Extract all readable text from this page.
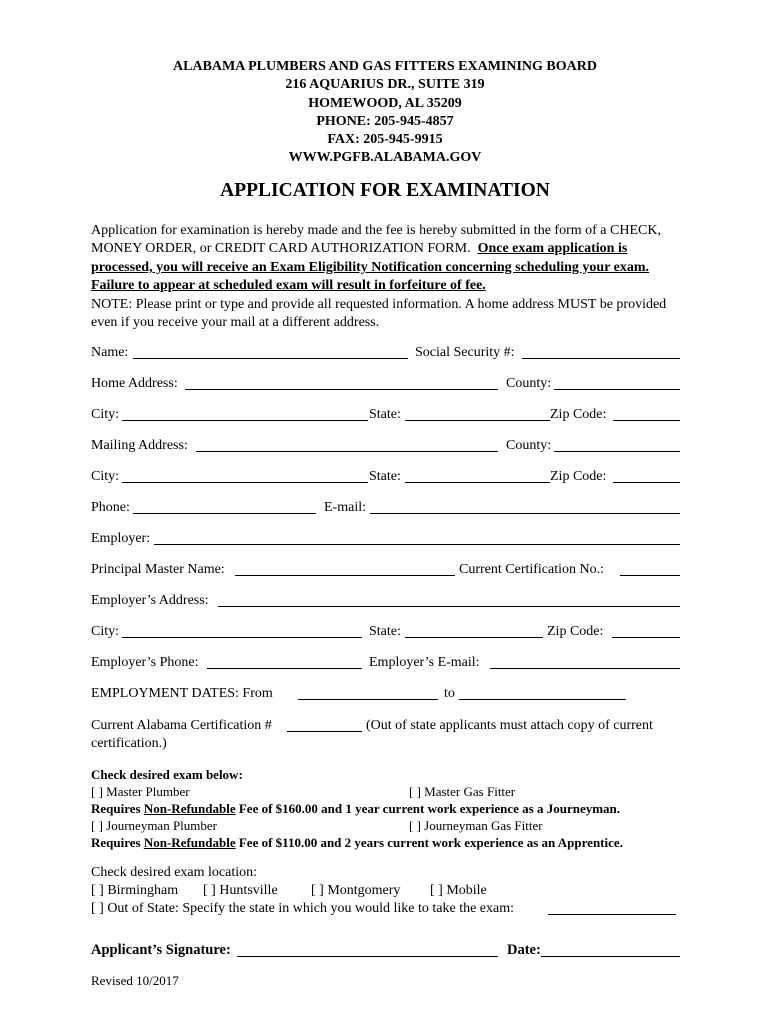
ALABAMA PLUMBERS AND GAS FITTERS EXAMINING BOARD
216 AQUARIUS DR., SUITE 319
HOMEWOOD, AL 35209
PHONE: 205-945-4857
FAX: 205-945-9915
WWW.PGFB.ALABAMA.GOV
APPLICATION FOR EXAMINATION
Application for examination is hereby made and the fee is hereby submitted in the form of a CHECK, MONEY ORDER, or CREDIT CARD AUTHORIZATION FORM. Once exam application is processed, you will receive an Exam Eligibility Notification concerning scheduling your exam. Failure to appear at scheduled exam will result in forfeiture of fee.
NOTE: Please print or type and provide all requested information. A home address MUST be provided even if you receive your mail at a different address.
Name:	Social Security #:
Home Address:	County:
City:	State:	Zip Code:
Mailing Address:	County:
City:	State:	Zip Code:
Phone:	E-mail:
Employer:
Principal Master Name:	Current Certification No.:
Employer’s Address:
City:	State:	Zip Code:
Employer’s Phone:	Employer’s E-mail:
EMPLOYMENT DATES: From	to
Current Alabama Certification #	(Out of state applicants must attach copy of current
certification.)
Check desired exam below:
[ ] Master Plumber	[ ] Master Gas Fitter
Requires Non-Refundable Fee of $160.00 and 1 year current work experience as a Journeyman.
[ ] Journeyman Plumber	[ ] Journeyman Gas Fitter
Requires Non-Refundable Fee of $110.00 and 2 years current work experience as an Apprentice.
Check desired exam location:
[ ] Birmingham [ ] Huntsville [ ] Montgomery [ ] Mobile
[ ] Out of State: Specify the state in which you would like to take the exam:
Applicant’s Signature:	Date:
Revised 10/2017
